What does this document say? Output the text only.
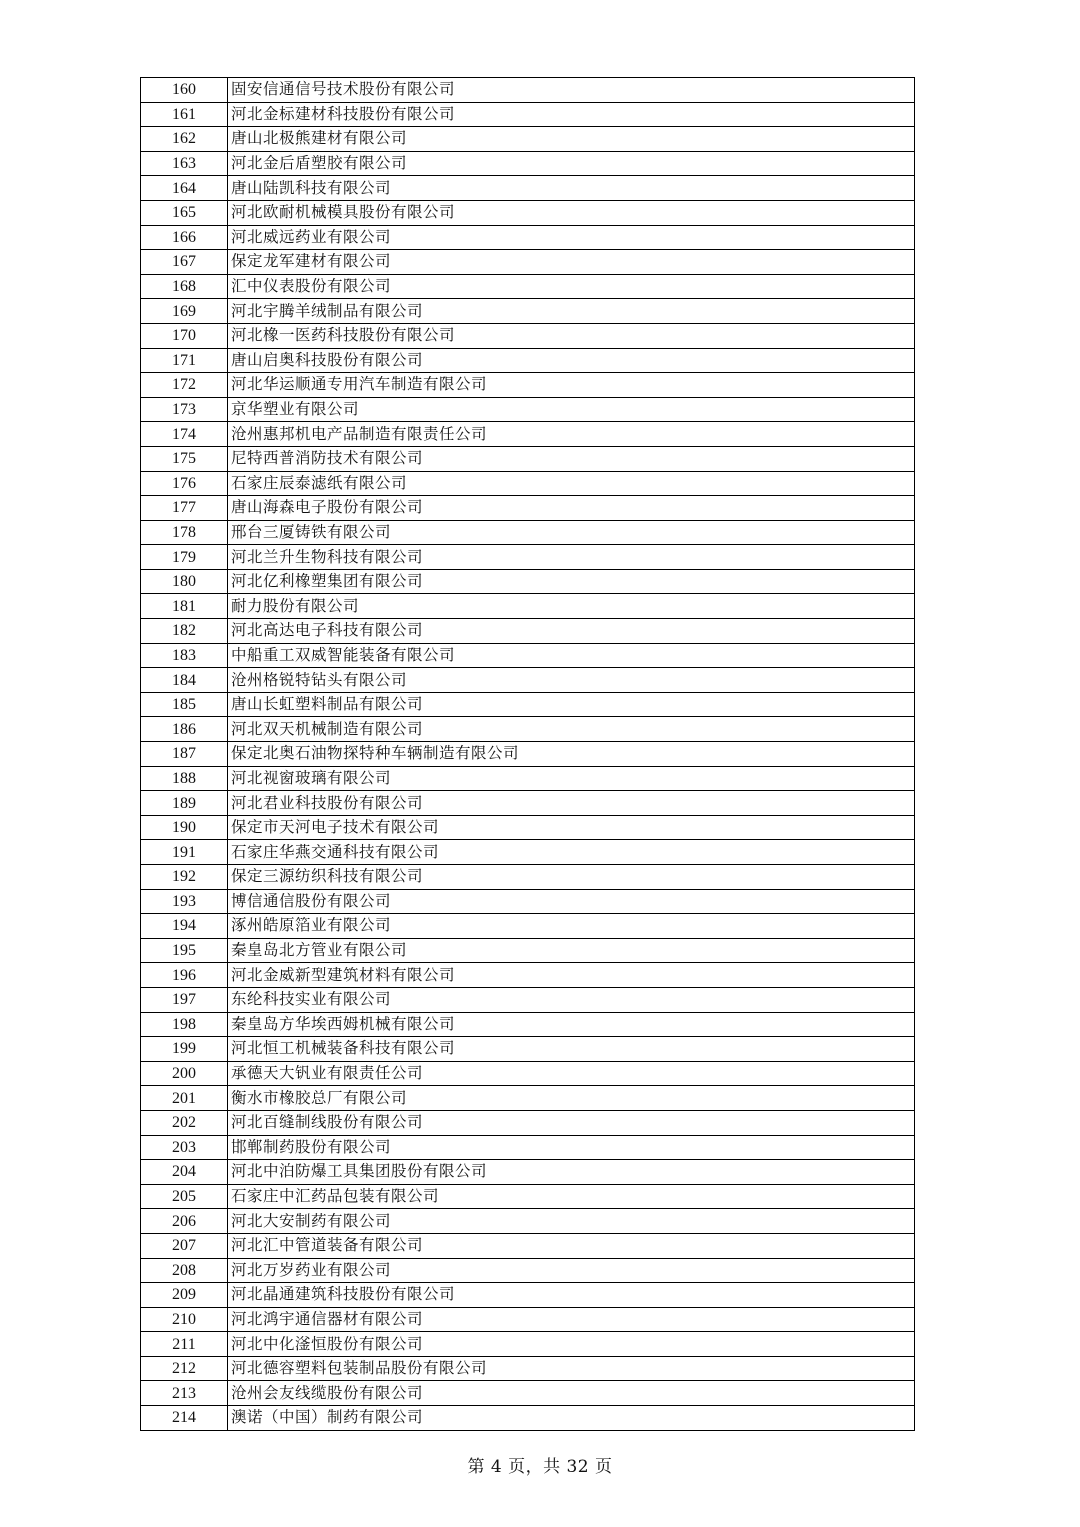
160	固安信通信号技术股份有限公司
161	河北金标建材科技股份有限公司
162	唐山北极熊建材有限公司
163	河北金后盾塑胶有限公司
164	唐山陆凯科技有限公司
165	河北欧耐机械模具股份有限公司
166	河北威远药业有限公司
167	保定龙军建材有限公司
168	汇中仪表股份有限公司
169	河北宇腾羊绒制品有限公司
170	河北橡一医药科技股份有限公司
171	唐山启奥科技股份有限公司
172	河北华运顺通专用汽车制造有限公司
173	京华塑业有限公司
174	沧州惠邦机电产品制造有限责任公司
175	尼特西普消防技术有限公司
176	石家庄辰泰滤纸有限公司
177	唐山海森电子股份有限公司
178	邢台三厦铸铁有限公司
179	河北兰升生物科技有限公司
180	河北亿利橡塑集团有限公司
181	耐力股份有限公司
182	河北高达电子科技有限公司
183	中船重工双威智能装备有限公司
184	沧州格锐特钻头有限公司
185	唐山长虹塑料制品有限公司
186	河北双天机械制造有限公司
187	保定北奥石油物探特种车辆制造有限公司
188	河北视窗玻璃有限公司
189	河北君业科技股份有限公司
190	保定市天河电子技术有限公司
191	石家庄华燕交通科技有限公司
192	保定三源纺织科技有限公司
193	博信通信股份有限公司
194	涿州皓原箔业有限公司
195	秦皇岛北方管业有限公司
196	河北金威新型建筑材料有限公司
197	东纶科技实业有限公司
198	秦皇岛方华埃西姆机械有限公司
199	河北恒工机械装备科技有限公司
200	承德天大钒业有限责任公司
201	衡水市橡胶总厂有限公司
202	河北百缝制线股份有限公司
203	邯郸制药股份有限公司
204	河北中泊防爆工具集团股份有限公司
205	石家庄中汇药品包装有限公司
206	河北大安制药有限公司
207	河北汇中管道装备有限公司
208	河北万岁药业有限公司
209	河北晶通建筑科技股份有限公司
210	河北鸿宇通信器材有限公司
211	河北中化滏恒股份有限公司
212	河北德容塑料包装制品股份有限公司
213	沧州会友线缆股份有限公司
214	澳诺（中国）制药有限公司
第 4 页，共 32 页
